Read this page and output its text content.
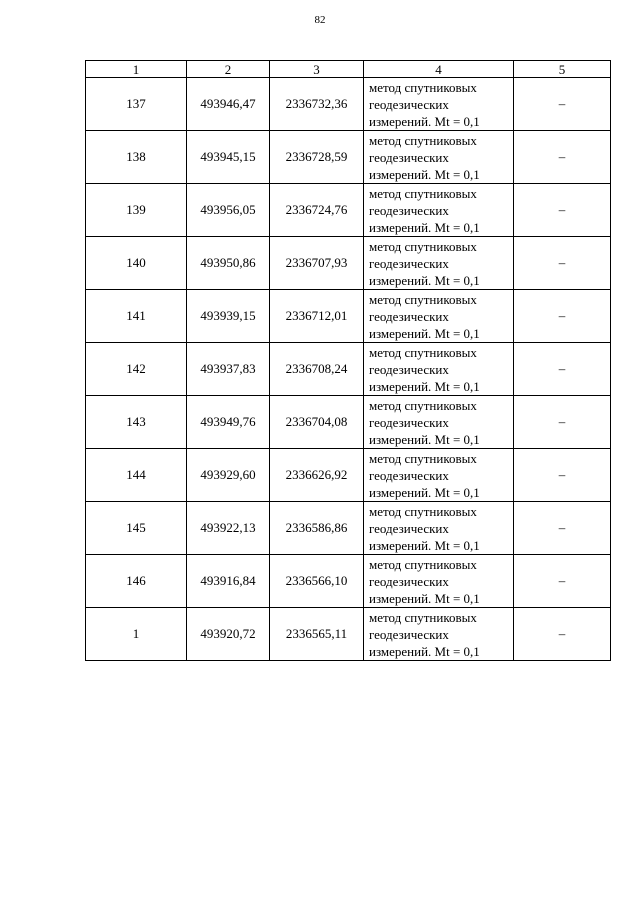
82
1	2	3	4	5
137	493946,47	2336732,36	метод спутниковых
геодезических
измерений. Mt = 0,1	–
138	493945,15	2336728,59	метод спутниковых
геодезических
измерений. Mt = 0,1	–
139	493956,05	2336724,76	метод спутниковых
геодезических
измерений. Mt = 0,1	–
140	493950,86	2336707,93	метод спутниковых
геодезических
измерений. Mt = 0,1	–
141	493939,15	2336712,01	метод спутниковых
геодезических
измерений. Mt = 0,1	–
142	493937,83	2336708,24	метод спутниковых
геодезических
измерений. Mt = 0,1	–
143	493949,76	2336704,08	метод спутниковых
геодезических
измерений. Mt = 0,1	–
144	493929,60	2336626,92	метод спутниковых
геодезических
измерений. Mt = 0,1	–
145	493922,13	2336586,86	метод спутниковых
геодезических
измерений. Mt = 0,1	–
146	493916,84	2336566,10	метод спутниковых
геодезических
измерений. Mt = 0,1	–
1	493920,72	2336565,11	метод спутниковых
геодезических
измерений. Mt = 0,1	–
